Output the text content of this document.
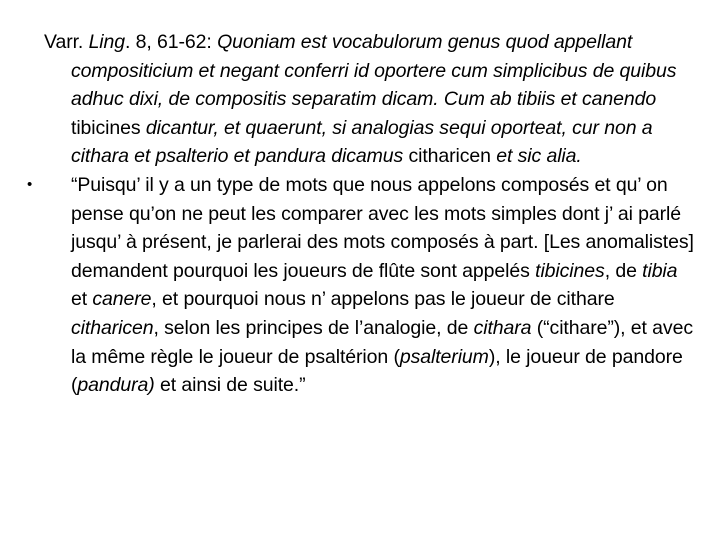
Varr. Ling. 8, 61-62: Quoniam est vocabulorum genus quod appellant compositicium et negant conferri id oportere cum simplicibus de quibus adhuc dixi, de compositis separatim dicam. Cum ab tibiis et canendo tibicines dicantur, et quaerunt, si analogias sequi oporteat, cur non a cithara et psalterio et pandura dicamus citharicen et sic alia.

• “Puisqu’ il y a un type de mots que nous appelons composés et qu’ on pense qu’on ne peut les comparer avec les mots simples dont j’ ai parlé jusqu’ à présent, je parlerai des mots composés à part. [Les anomalistes] demandent pourquoi les joueurs de flûte sont appelés tibicines, de tibia et canere, et pourquoi nous n’ appelons pas le joueur de cithare citharicen, selon les principes de l’analogie, de cithara (“cithare”), et avec la même règle le joueur de psaltérion (psalterium), le joueur de pandore (pandura) et ainsi de suite.”
